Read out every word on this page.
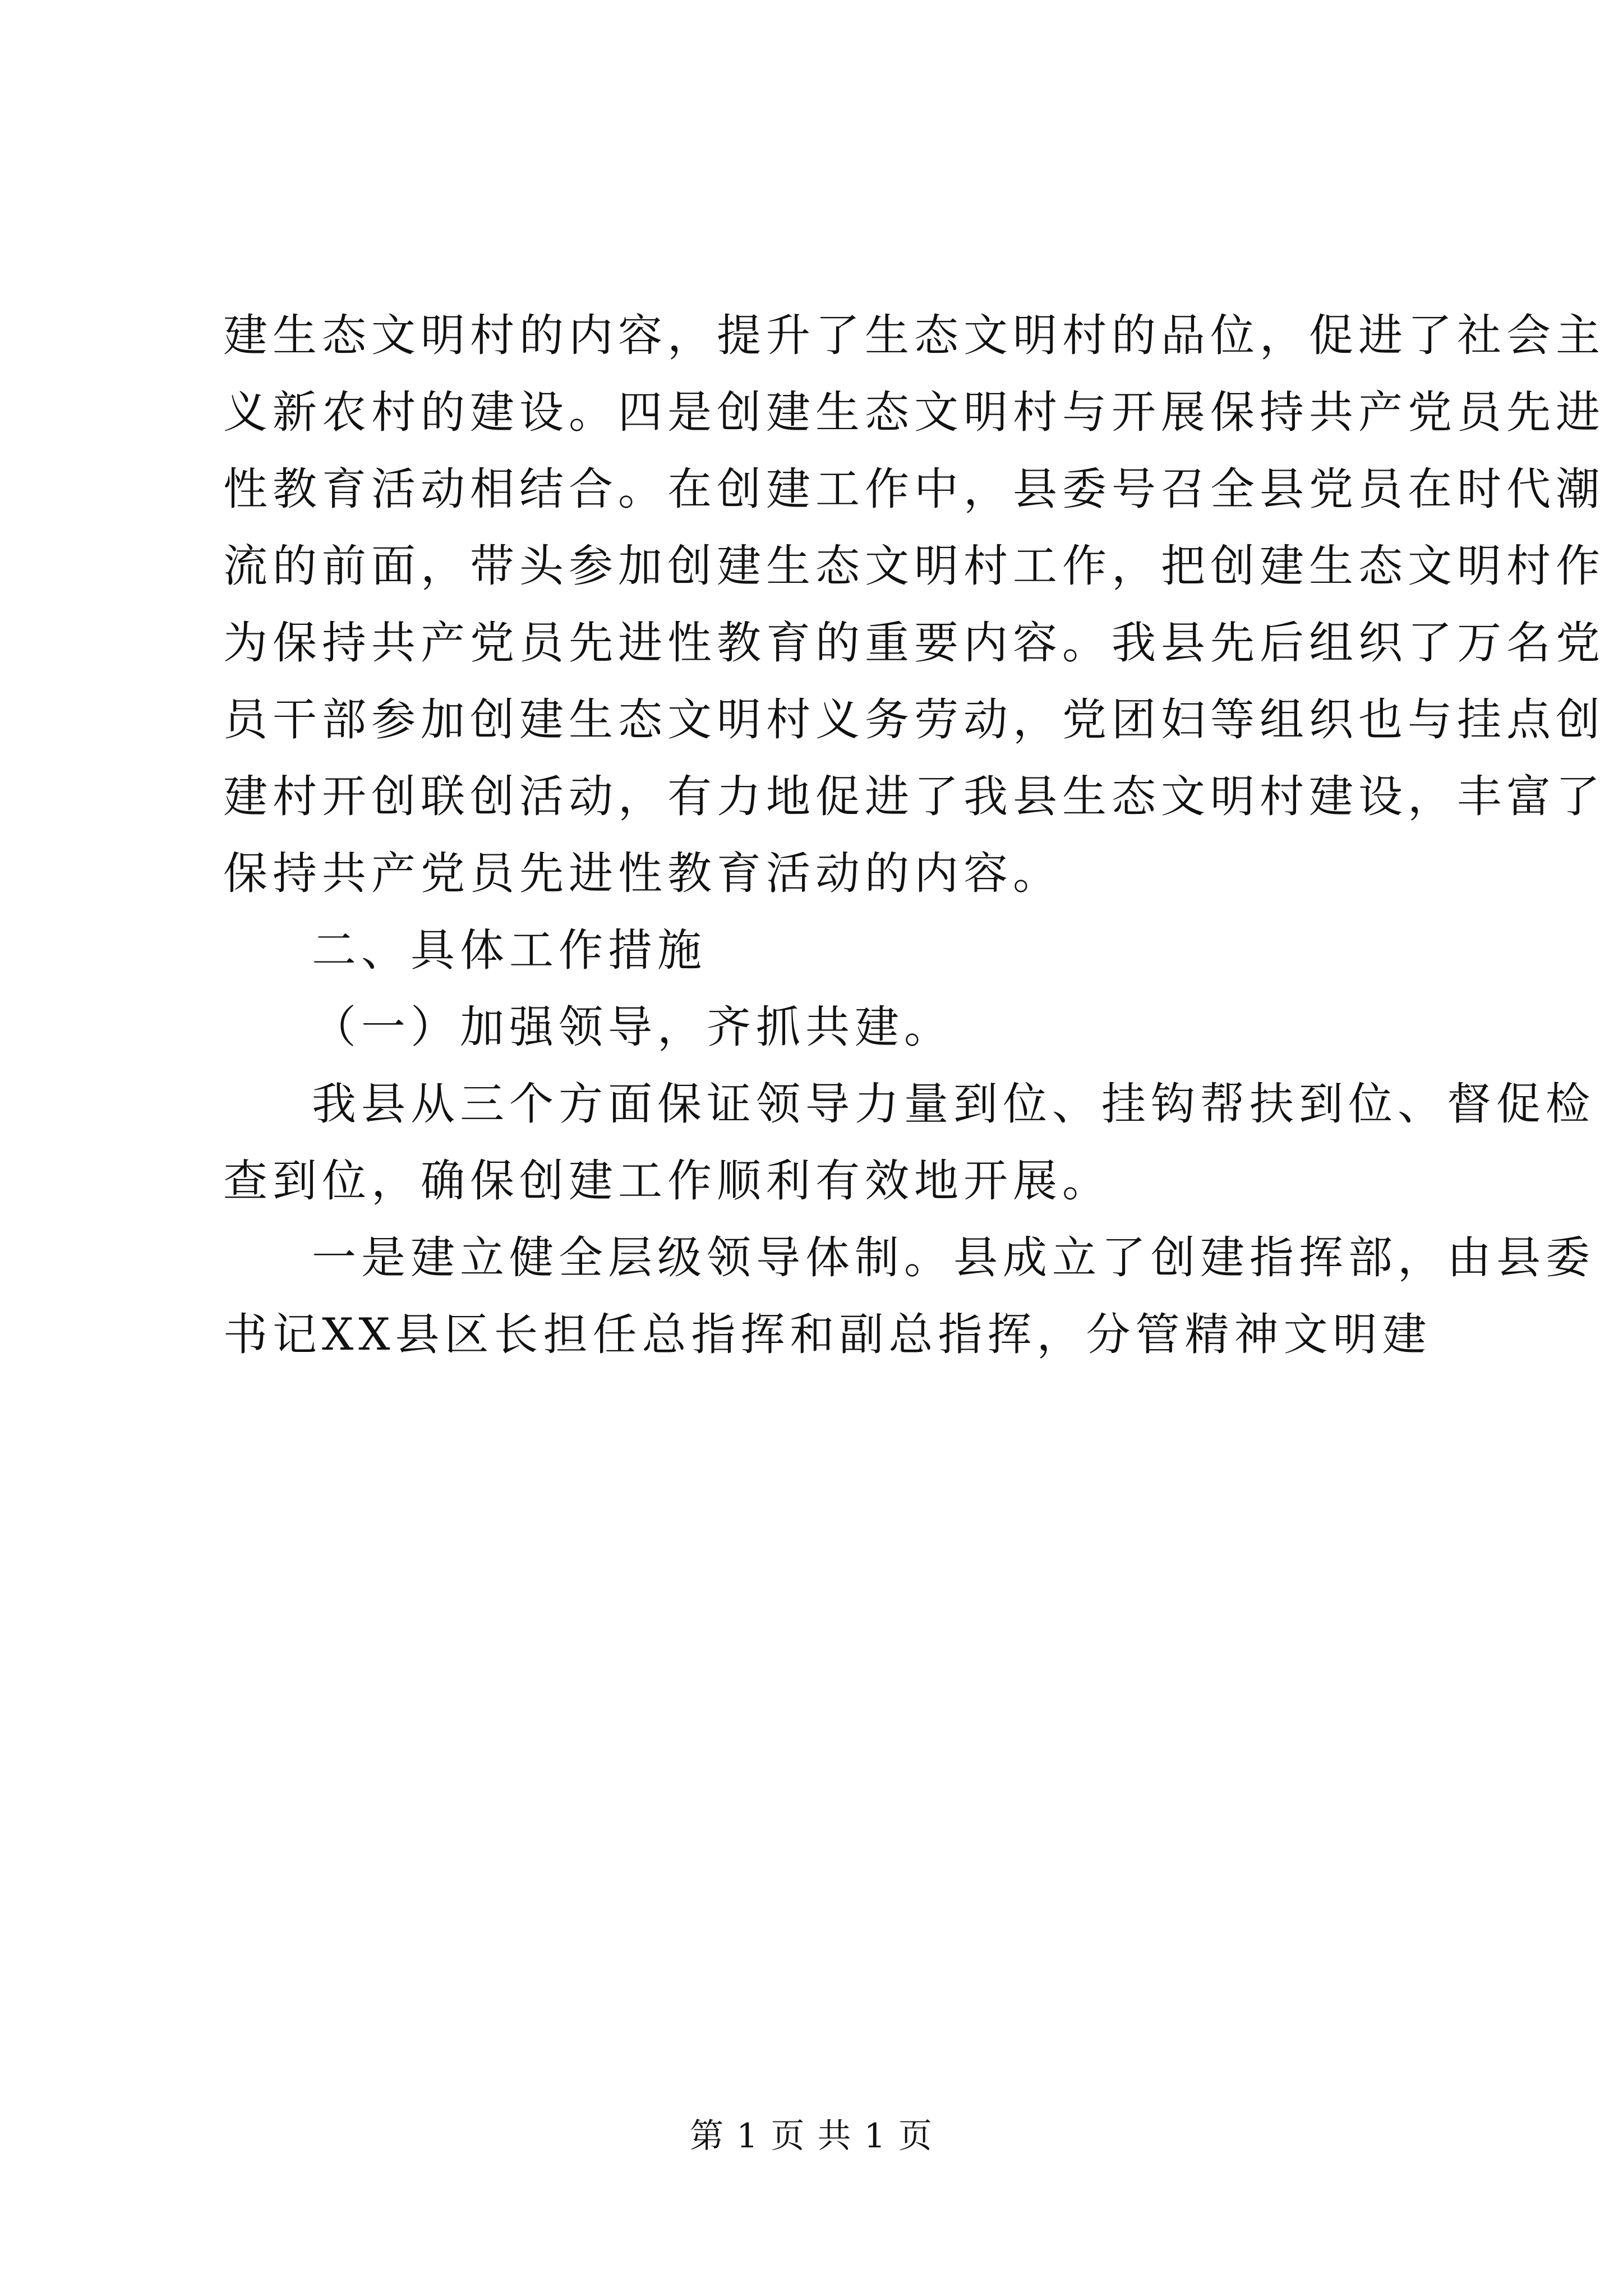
建生态文明村的内容，提升了生态文明村的品位，促进了社会主
义新农村的建设。四是创建生态文明村与开展保持共产党员先进
性教育活动相结合。在创建工作中，县委号召全县党员在时代潮
流的前面，带头参加创建生态文明村工作，把创建生态文明村作
为保持共产党员先进性教育的重要内容。我县先后组织了万名党
员干部参加创建生态文明村义务劳动，党团妇等组织也与挂点创
建村开创联创活动，有力地促进了我县生态文明村建设，丰富了
保持共产党员先进性教育活动的内容。
二、具体工作措施
（一）加强领导，齐抓共建。
我县从三个方面保证领导力量到位、挂钩帮扶到位、督促检
查到位，确保创建工作顺利有效地开展。
一是建立健全层级领导体制。县成立了创建指挥部，由县委
书记XX县区长担任总指挥和副总指挥，分管精神文明建
第 1 页 共 1 页
